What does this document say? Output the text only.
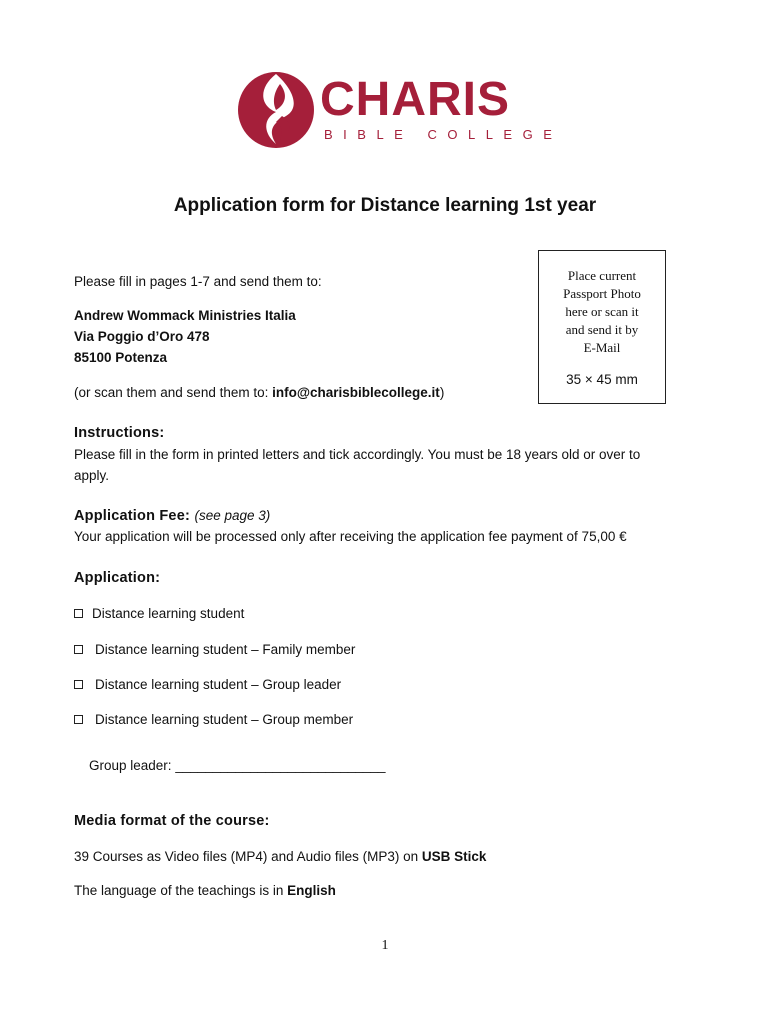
CHARIS
BIBLE COLLEGE
Application form for Distance learning 1st year
Please fill in pages 1-7 and send them to:
Andrew Wommack Ministries Italia
Via Poggio d’Oro 478
85100 Potenza
(or scan them and send them to: info@charisbiblecollege.it)
Place current
Passport Photo
here or scan it
and send it by
E-Mail
35 × 45 mm
Instructions:
Please fill in the form in printed letters and tick accordingly. You must be 18 years old or over to
apply.
Application Fee: (see page 3)
Your application will be processed only after receiving the application fee payment of 75,00 €
Application:
Distance learning student
Distance learning student – Family member
Distance learning student – Group leader
Distance learning student – Group member
Group leader: ____________________________
Media format of the course:
39 Courses as Video files (MP4) and Audio files (MP3) on USB Stick
The language of the teachings is in English
1
